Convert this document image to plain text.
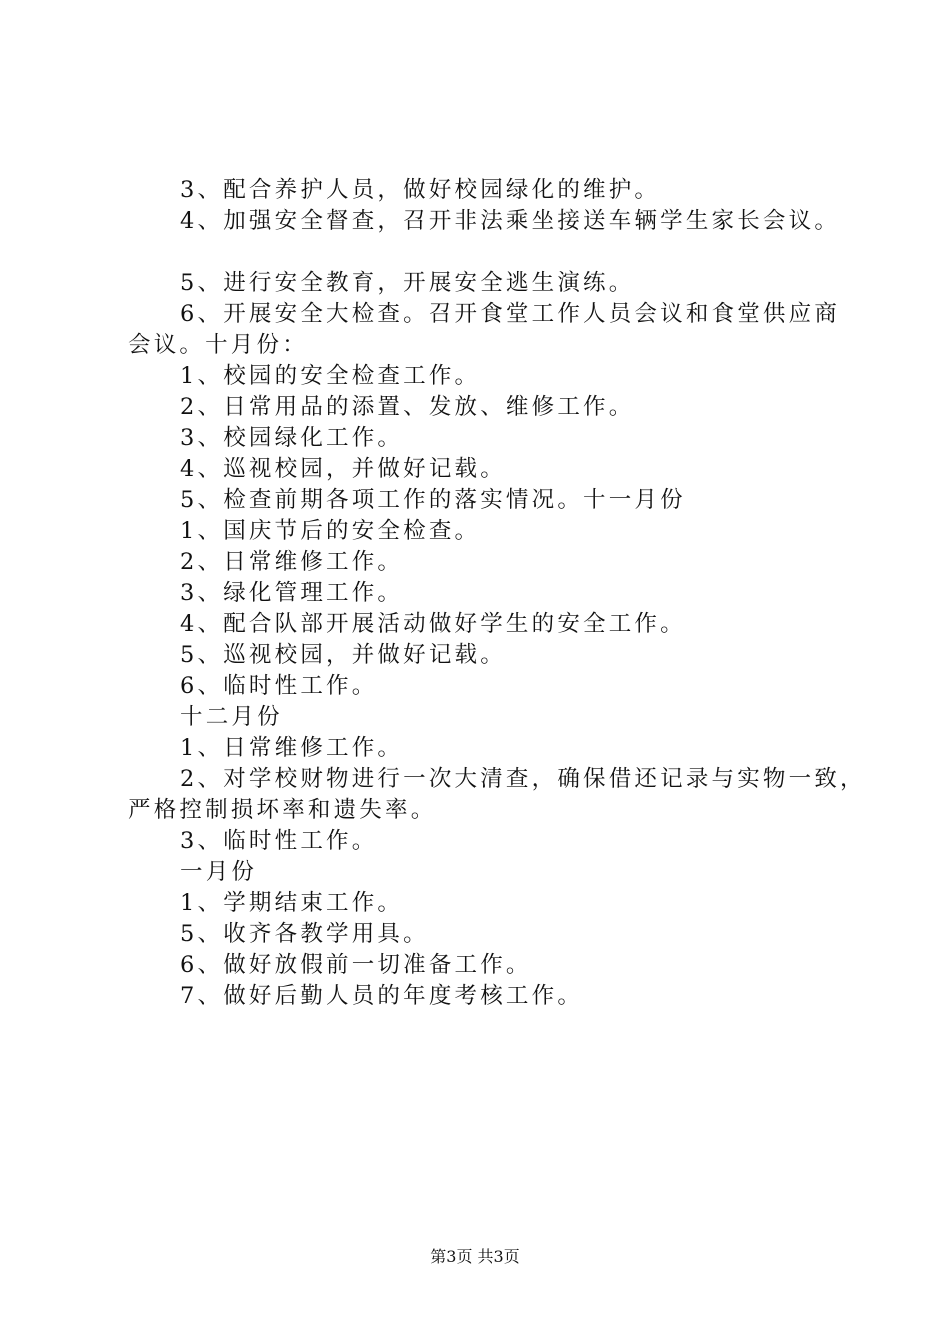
3、配合养护人员，做好校园绿化的维护。
4、加强安全督查，召开非法乘坐接送车辆学生家长会议。
5、进行安全教育，开展安全逃生演练。
6、开展安全大检查。召开食堂工作人员会议和食堂供应商
会议。十月份：
1、校园的安全检查工作。
2、日常用品的添置、发放、维修工作。
3、校园绿化工作。
4、巡视校园，并做好记载。
5、检查前期各项工作的落实情况。十一月份
1、国庆节后的安全检查。
2、日常维修工作。
3、绿化管理工作。
4、配合队部开展活动做好学生的安全工作。
5、巡视校园，并做好记载。
6、临时性工作。
十二月份
1、日常维修工作。
2、对学校财物进行一次大清查，确保借还记录与实物一致，
严格控制损坏率和遗失率。
3、临时性工作。
一月份
1、学期结束工作。
5、收齐各教学用具。
6、做好放假前一切准备工作。
7、做好后勤人员的年度考核工作。
第3页 共3页
